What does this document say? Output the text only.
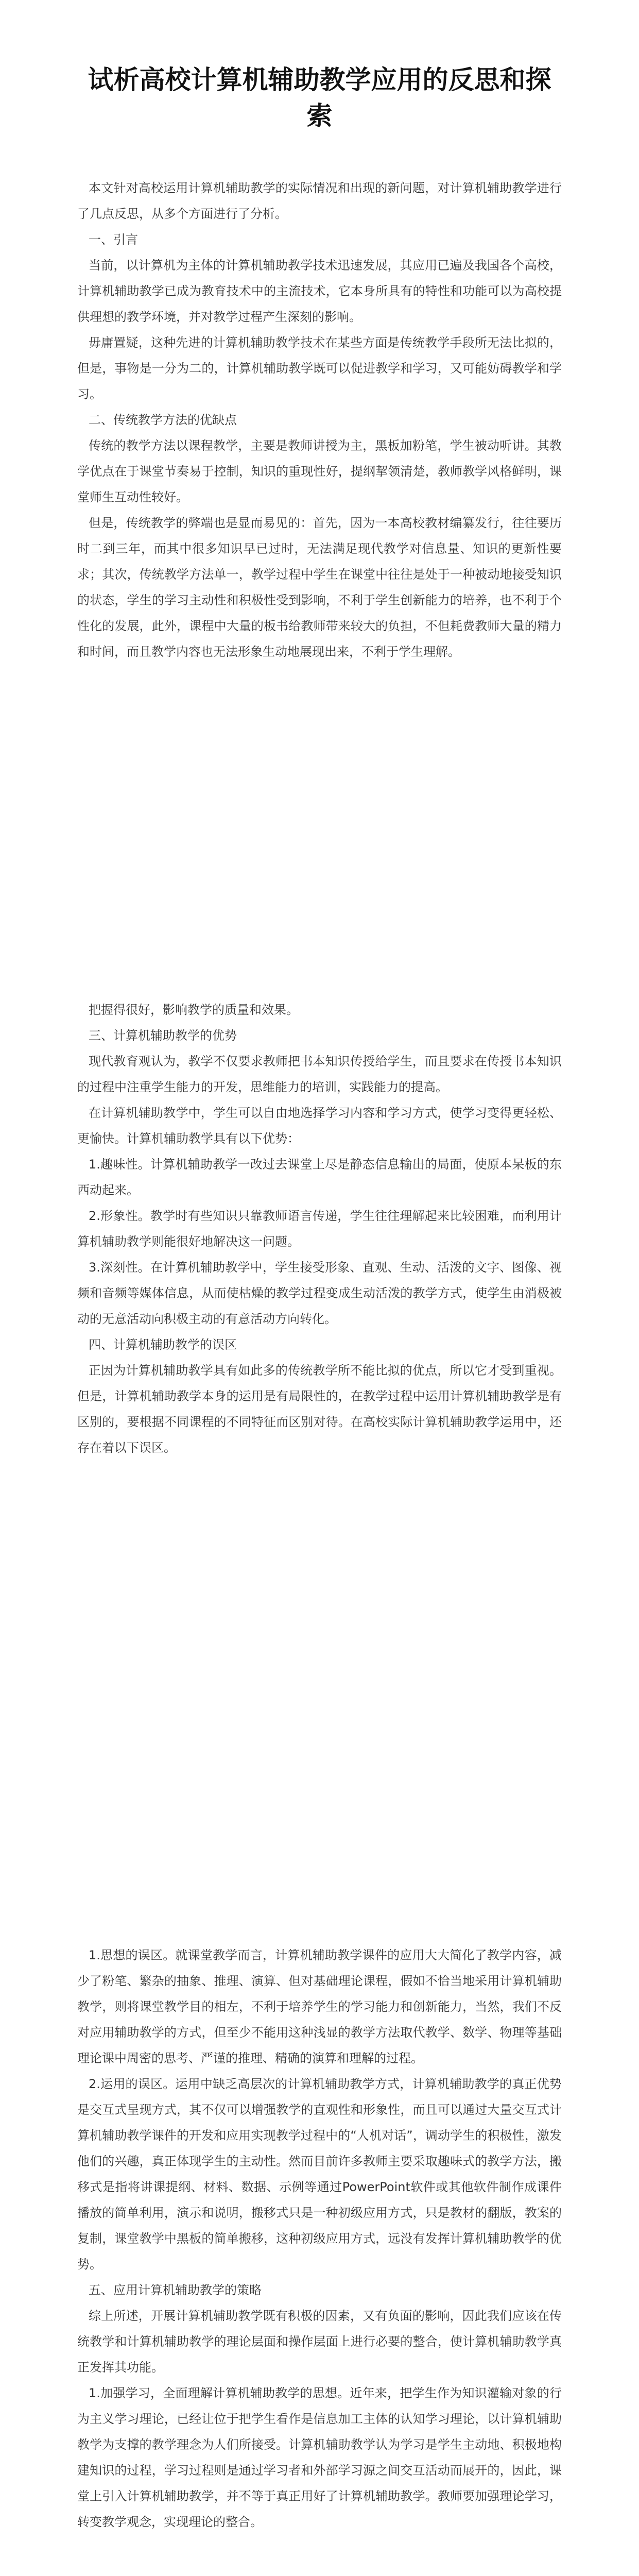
试析高校计算机辅助教学应用的反思和探索

本文针对高校运用计算机辅助教学的实际情况和出现的新问题，对计算机辅助教学进行了几点反思，从多个方面进行了分析。

一、引言

当前，以计算机为主体的计算机辅助教学技术迅速发展，其应用已遍及我国各个高校，计算机辅助教学已成为教育技术中的主流技术，它本身所具有的特性和功能可以为高校提供理想的教学环境，并对教学过程产生深刻的影响。

毋庸置疑，这种先进的计算机辅助教学技术在某些方面是传统教学手段所无法比拟的，但是，事物是一分为二的，计算机辅助教学既可以促进教学和学习，又可能妨碍教学和学习。

二、传统教学方法的优缺点

传统的教学方法以课程教学，主要是教师讲授为主，黑板加粉笔，学生被动听讲。其教学优点在于课堂节奏易于控制，知识的重现性好，提纲挈领清楚，教师教学风格鲜明，课堂师生互动性较好。

但是，传统教学的弊端也是显而易见的：首先，因为一本高校教材编纂发行，往往要历时二到三年，而其中很多知识早已过时，无法满足现代教学对信息量、知识的更新性要求；其次，传统教学方法单一，教学过程中学生在课堂中往往是处于一种被动地接受知识的状态，学生的学习主动性和积极性受到影响，不利于学生创新能力的培养，也不利于个性化的发展，此外，课程中大量的板书给教师带来较大的负担，不但耗费教师大量的精力和时间，而且教学内容也无法形象生动地展现出来，不利于学生理解。

把握得很好，影响教学的质量和效果。

三、计算机辅助教学的优势

现代教育观认为，教学不仅要求教师把书本知识传授给学生，而且要求在传授书本知识的过程中注重学生能力的开发，思维能力的培训，实践能力的提高。

在计算机辅助教学中，学生可以自由地选择学习内容和学习方式，使学习变得更轻松、更愉快。计算机辅助教学具有以下优势：

1.趣味性。计算机辅助教学一改过去课堂上尽是静态信息输出的局面，使原本呆板的东西动起来。

2.形象性。教学时有些知识只靠教师语言传递，学生往往理解起来比较困难，而利用计算机辅助教学则能很好地解决这一问题。

3.深刻性。在计算机辅助教学中，学生接受形象、直观、生动、活泼的文字、图像、视频和音频等媒体信息，从而使枯燥的教学过程变成生动活泼的教学方式，使学生由消极被动的无意活动向积极主动的有意活动方向转化。

四、计算机辅助教学的误区

正因为计算机辅助教学具有如此多的传统教学所不能比拟的优点，所以它才受到重视。但是，计算机辅助教学本身的运用是有局限性的，在教学过程中运用计算机辅助教学是有区别的，要根据不同课程的不同特征而区别对待。在高校实际计算机辅助教学运用中，还存在着以下误区。

1.思想的误区。就课堂教学而言，计算机辅助教学课件的应用大大简化了教学内容，减少了粉笔、繁杂的抽象、推理、演算、但对基础理论课程，假如不恰当地采用计算机辅助教学，则将课堂教学目的相左，不利于培养学生的学习能力和创新能力，当然，我们不反对应用辅助教学的方式，但至少不能用这种浅显的教学方法取代教学、数学、物理等基础理论课中周密的思考、严谨的推理、精确的演算和理解的过程。

2.运用的误区。运用中缺乏高层次的计算机辅助教学方式，计算机辅助教学的真正优势是交互式呈现方式，其不仅可以增强教学的直观性和形象性，而且可以通过大量交互式计算机辅助教学课件的开发和应用实现教学过程中的“人机对话”，调动学生的积极性，激发他们的兴趣，真正体现学生的主动性。然而目前许多教师主要采取趣味式的教学方法，搬移式是指将讲课提纲、材料、数据、示例等通过PowerPoint软件或其他软件制作成课件播放的简单利用，演示和说明，搬移式只是一种初级应用方式，只是教材的翻版，教案的复制，课堂教学中黑板的简单搬移，这种初级应用方式，远没有发挥计算机辅助教学的优势。

五、应用计算机辅助教学的策略

综上所述，开展计算机辅助教学既有积极的因素，又有负面的影响，因此我们应该在传统教学和计算机辅助教学的理论层面和操作层面上进行必要的整合，使计算机辅助教学真正发挥其功能。

1.加强学习，全面理解计算机辅助教学的思想。近年来，把学生作为知识灌输对象的行为主义学习理论，已经让位于把学生看作是信息加工主体的认知学习理论，以计算机辅助教学为支撑的教学理念为人们所接受。计算机辅助教学认为学习是学生主动地、积极地构建知识的过程，学习过程则是通过学习者和外部学习源之间交互活动而展开的，因此，课堂上引入计算机辅助教学，并不等于真正用好了计算机辅助教学。教师要加强理论学习，转变教学观念，实现理论的整合。
